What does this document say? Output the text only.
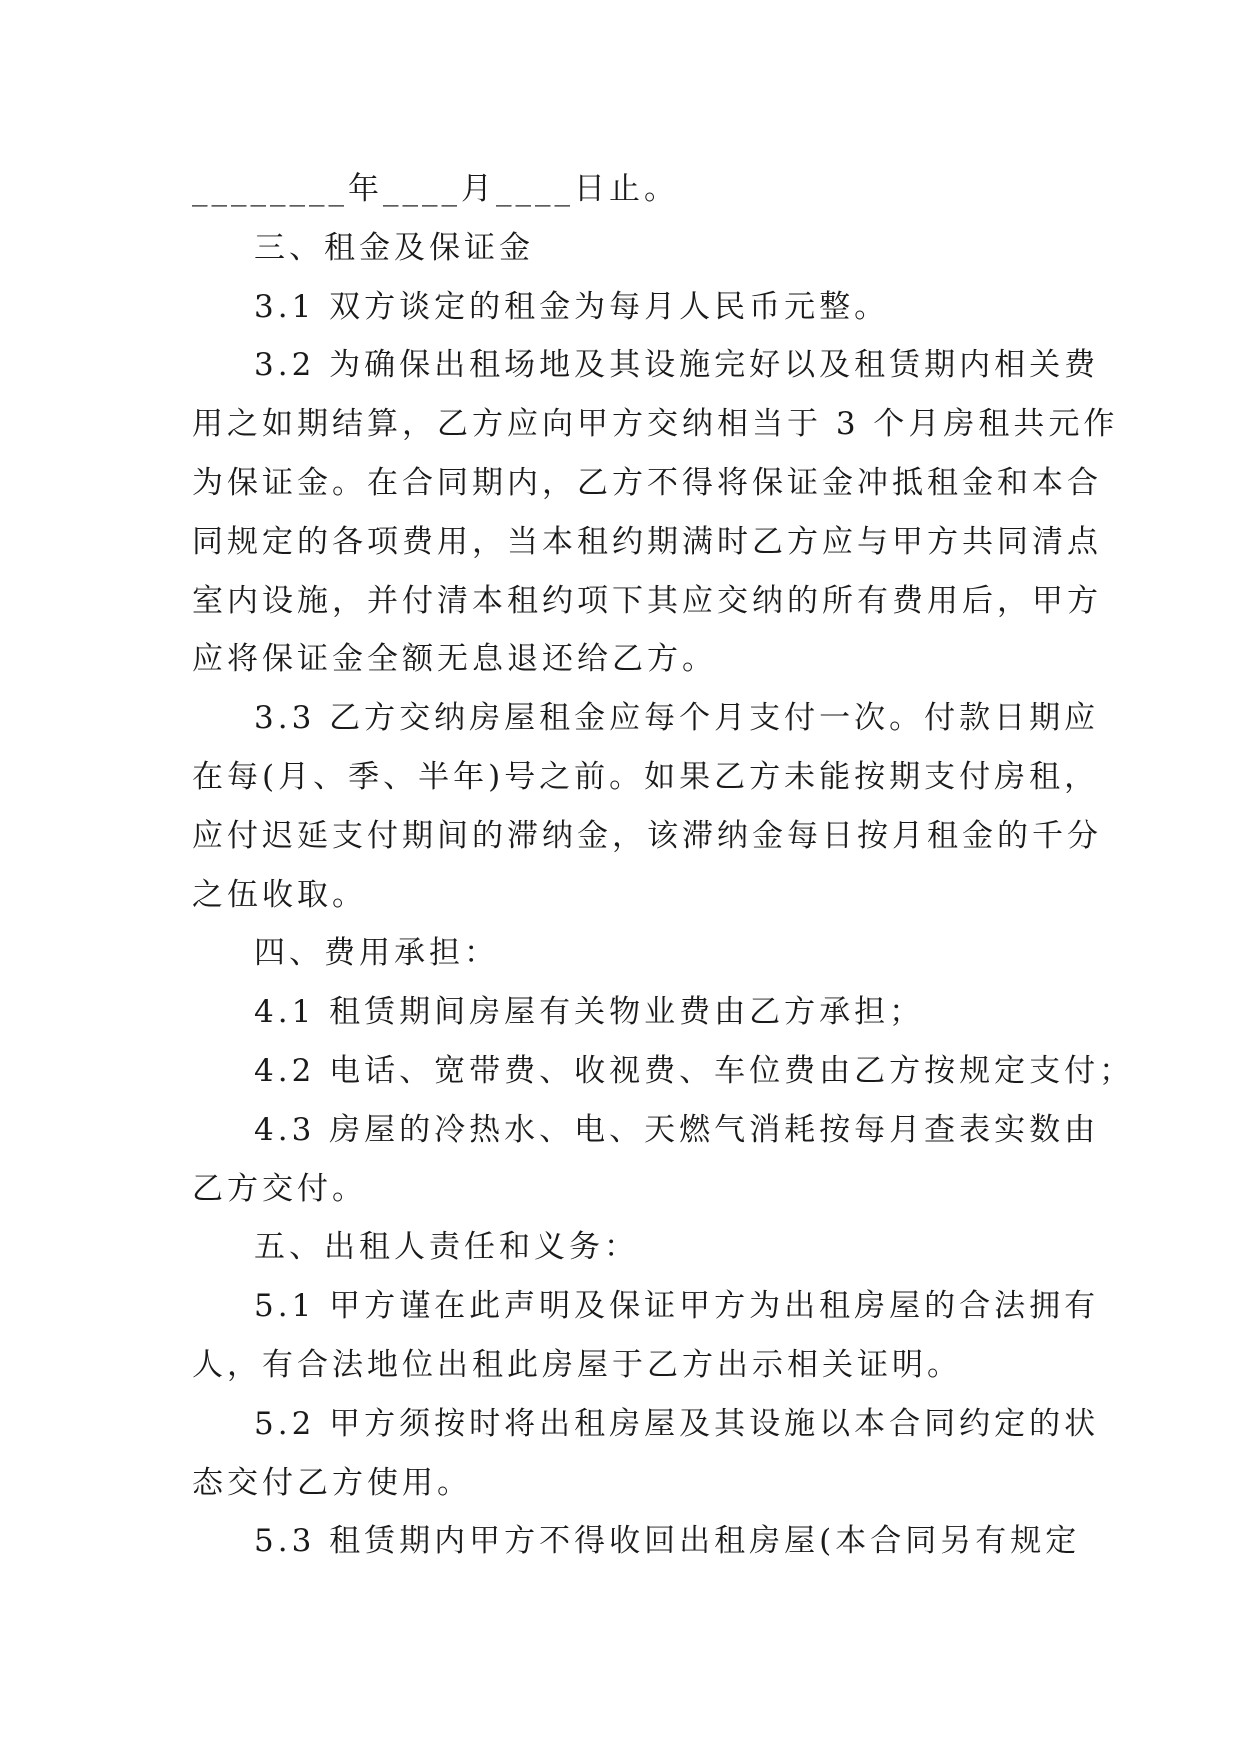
________年____月____日止。
三、租金及保证金
3.1 双方谈定的租金为每月人民币元整。
3.2 为确保出租场地及其设施完好以及租赁期内相关费
用之如期结算，乙方应向甲方交纳相当于 3 个月房租共元作
为保证金。在合同期内，乙方不得将保证金冲抵租金和本合
同规定的各项费用，当本租约期满时乙方应与甲方共同清点
室内设施，并付清本租约项下其应交纳的所有费用后，甲方
应将保证金全额无息退还给乙方。
3.3 乙方交纳房屋租金应每个月支付一次。付款日期应
在每(月、季、半年)号之前。如果乙方未能按期支付房租，
应付迟延支付期间的滞纳金，该滞纳金每日按月租金的千分
之伍收取。
四、费用承担：
4.1 租赁期间房屋有关物业费由乙方承担；
4.2 电话、宽带费、收视费、车位费由乙方按规定支付；
4.3 房屋的冷热水、电、天燃气消耗按每月查表实数由
乙方交付。
五、出租人责任和义务：
5.1 甲方谨在此声明及保证甲方为出租房屋的合法拥有
人，有合法地位出租此房屋于乙方出示相关证明。
5.2 甲方须按时将出租房屋及其设施以本合同约定的状
态交付乙方使用。
5.3 租赁期内甲方不得收回出租房屋(本合同另有规定
